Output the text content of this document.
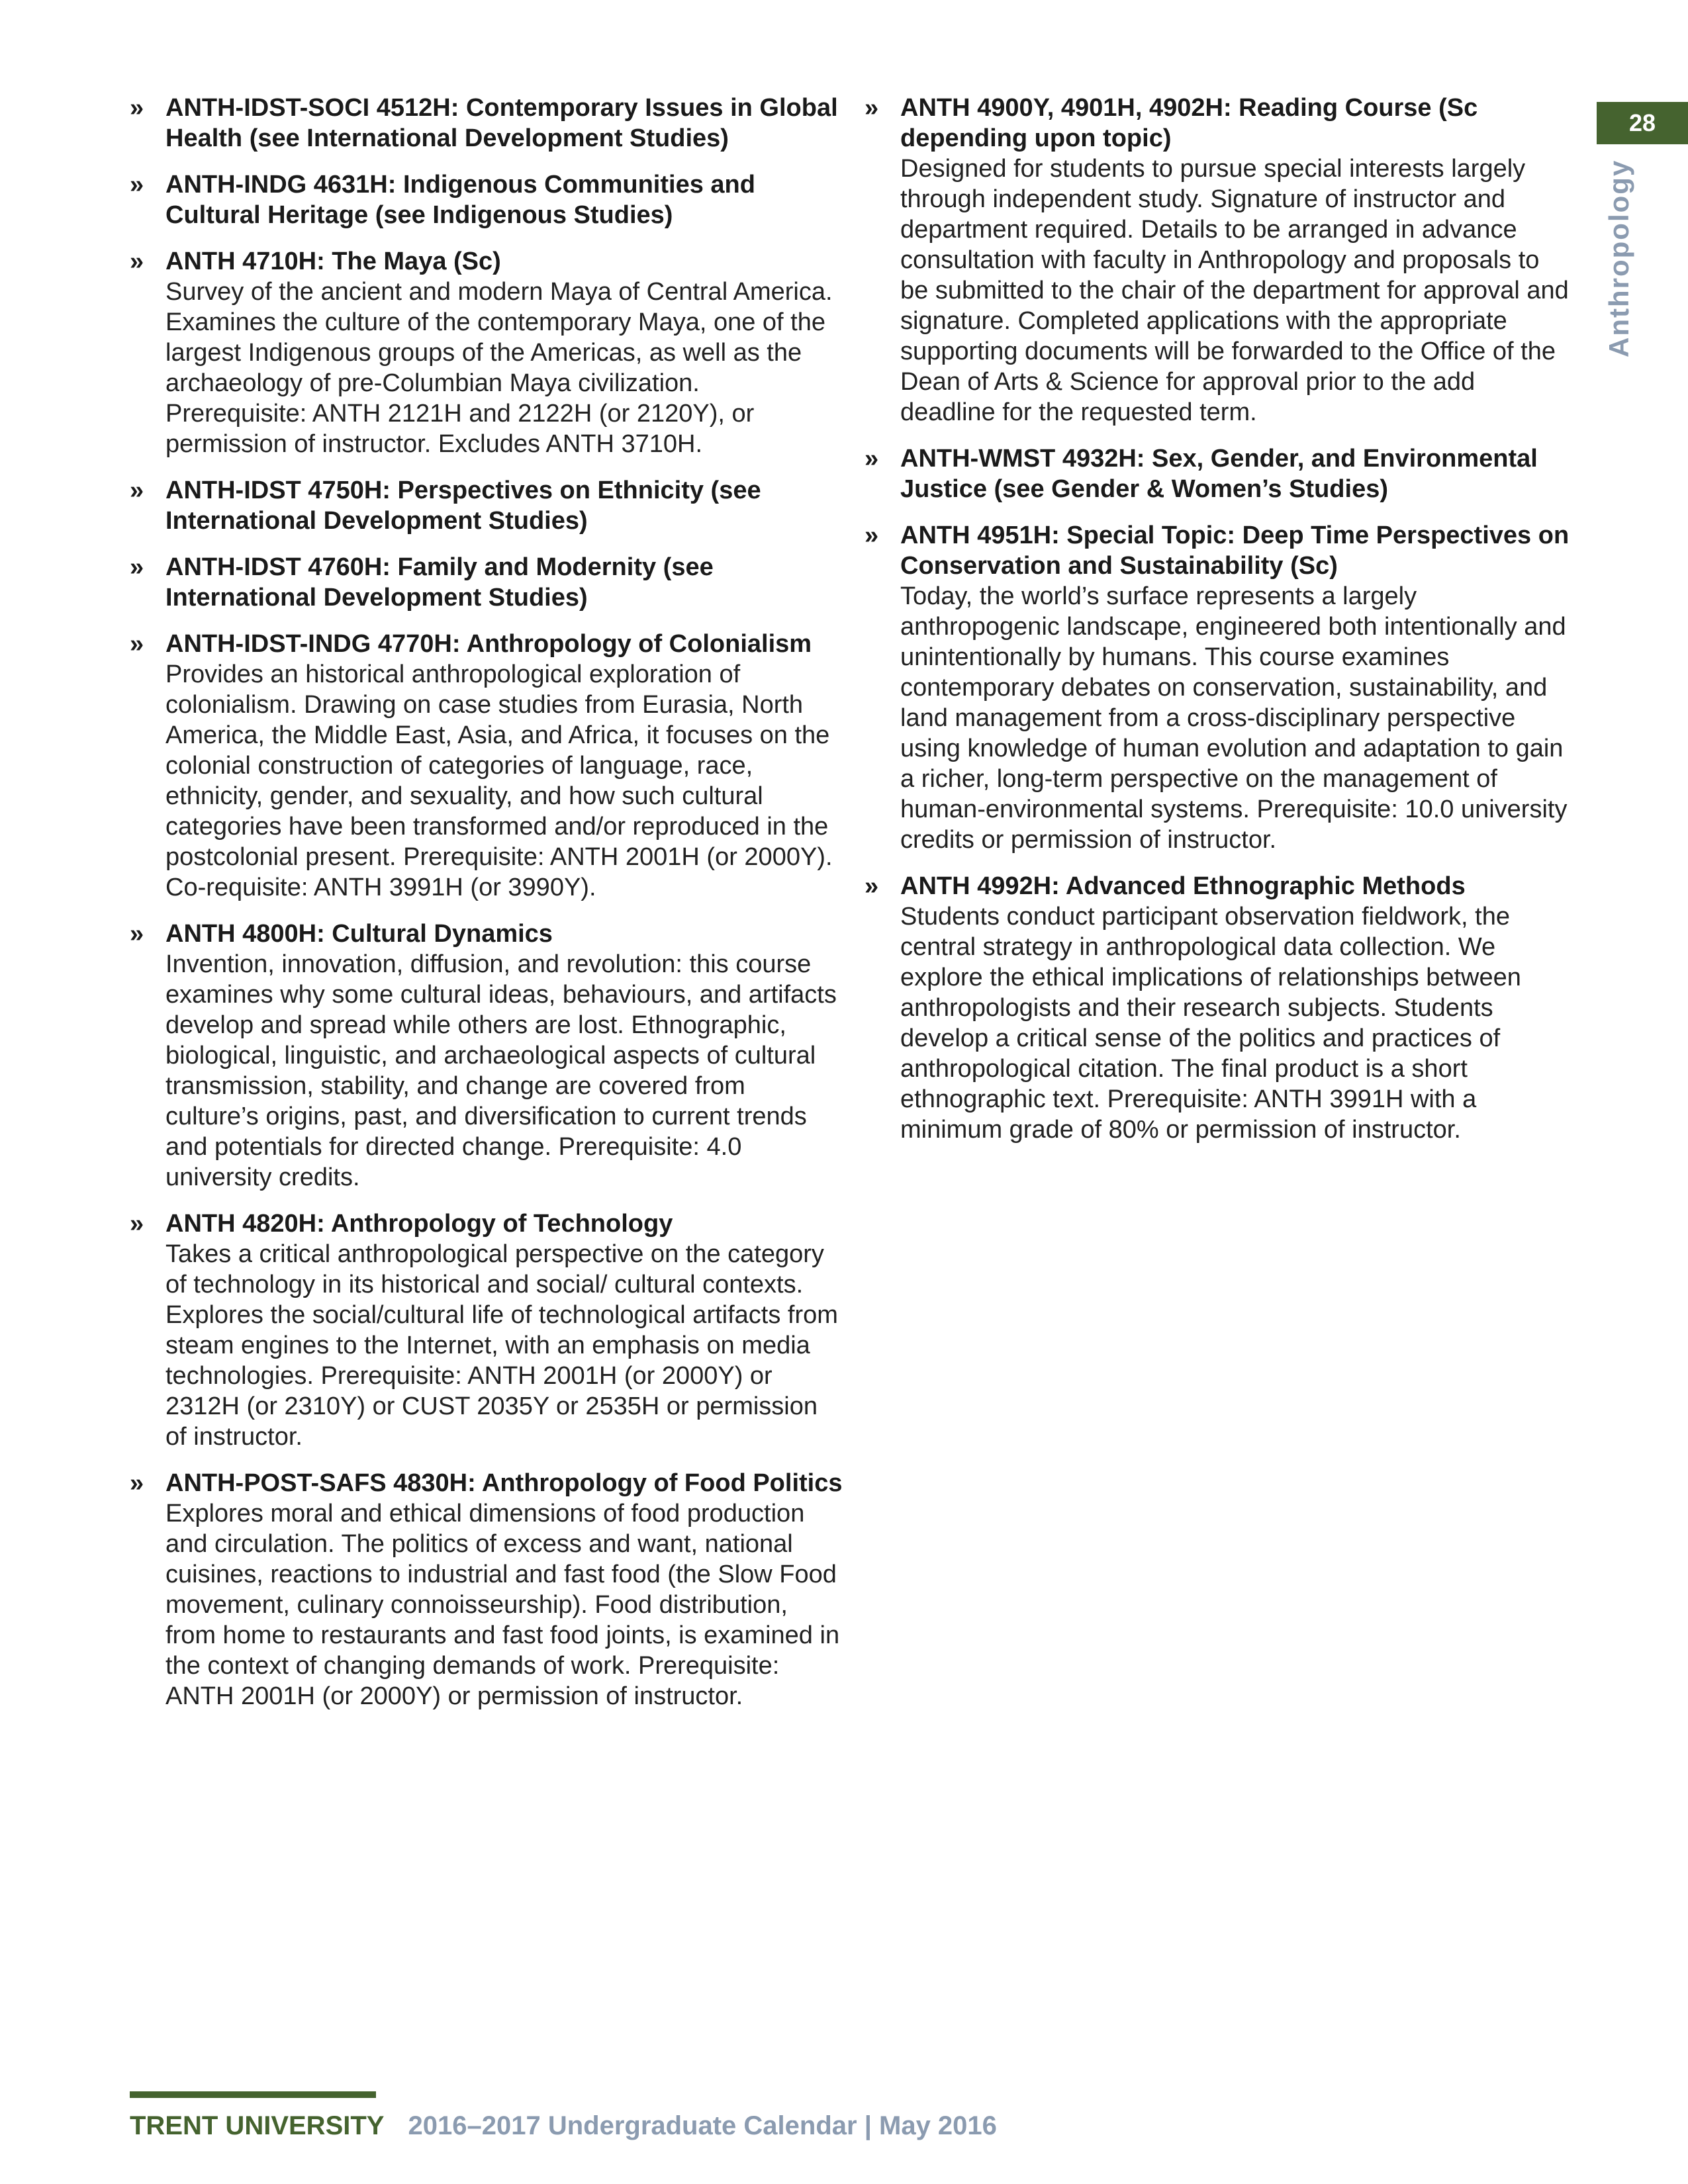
» ANTH-IDST-SOCI 4512H: Contemporary Issues in Global Health (see International Development Studies)

» ANTH-INDG 4631H: Indigenous Communities and Cultural Heritage (see Indigenous Studies)

» ANTH 4710H: The Maya (Sc)

Survey of the ancient and modern Maya of Central America. Examines the culture of the contemporary Maya, one of the largest Indigenous groups of the Americas, as well as the archaeology of pre-Columbian Maya civilization. Prerequisite: ANTH 2121H and 2122H (or 2120Y), or permission of instructor. Excludes ANTH 3710H.

» ANTH-IDST 4750H: Perspectives on Ethnicity (see International Development Studies)

» ANTH-IDST 4760H: Family and Modernity (see International Development Studies)

» ANTH-IDST-INDG 4770H: Anthropology of Colonialism

Provides an historical anthropological exploration of colonialism. Drawing on case studies from Eurasia, North America, the Middle East, Asia, and Africa, it focuses on the colonial construction of categories of language, race, ethnicity, gender, and sexuality, and how such cultural categories have been transformed and/or reproduced in the postcolonial present. Prerequisite: ANTH 2001H (or 2000Y). Co-requisite: ANTH 3991H (or 3990Y).

» ANTH 4800H: Cultural Dynamics

Invention, innovation, diffusion, and revolution: this course examines why some cultural ideas, behaviours, and artifacts develop and spread while others are lost. Ethnographic, biological, linguistic, and archaeological aspects of cultural transmission, stability, and change are covered from culture’s origins, past, and diversification to current trends and potentials for directed change. Prerequisite: 4.0 university credits.

» ANTH 4820H: Anthropology of Technology

Takes a critical anthropological perspective on the category of technology in its historical and social/ cultural contexts. Explores the social/cultural life of technological artifacts from steam engines to the Internet, with an emphasis on media technologies. Prerequisite: ANTH 2001H (or 2000Y) or 2312H (or 2310Y) or CUST 2035Y or 2535H or permission of instructor.

» ANTH-POST-SAFS 4830H: Anthropology of Food Politics

Explores moral and ethical dimensions of food production and circulation. The politics of excess and want, national cuisines, reactions to industrial and fast food (the Slow Food movement, culinary connoisseurship). Food distribution, from home to restaurants and fast food joints, is examined in the context of changing demands of work. Prerequisite: ANTH 2001H (or 2000Y) or permission of instructor.

» ANTH 4900Y, 4901H, 4902H: Reading Course (Sc depending upon topic)

Designed for students to pursue special interests largely through independent study. Signature of instructor and department required. Details to be arranged in advance consultation with faculty in Anthropology and proposals to be submitted to the chair of the department for approval and signature. Completed applications with the appropriate supporting documents will be forwarded to the Office of the Dean of Arts & Science for approval prior to the add deadline for the requested term.

» ANTH-WMST 4932H: Sex, Gender, and Environmental Justice (see Gender & Women’s Studies)

» ANTH 4951H: Special Topic: Deep Time Perspectives on Conservation and Sustainability (Sc)

Today, the world’s surface represents a largely anthropogenic landscape, engineered both intentionally and unintentionally by humans. This course examines contemporary debates on conservation, sustainability, and land management from a cross-disciplinary perspective using knowledge of human evolution and adaptation to gain a richer, long-term perspective on the management of human-environmental systems. Prerequisite: 10.0 university credits or permission of instructor.

» ANTH 4992H: Advanced Ethnographic Methods

Students conduct participant observation fieldwork, the central strategy in anthropological data collection. We explore the ethical implications of relationships between anthropologists and their research subjects. Students develop a critical sense of the politics and practices of anthropological citation. The final product is a short ethnographic text. Prerequisite: ANTH 3991H with a minimum grade of 80% or permission of instructor.

28
Anthropology
TRENT UNIVERSITY 2016–2017 Undergraduate Calendar | May 2016
